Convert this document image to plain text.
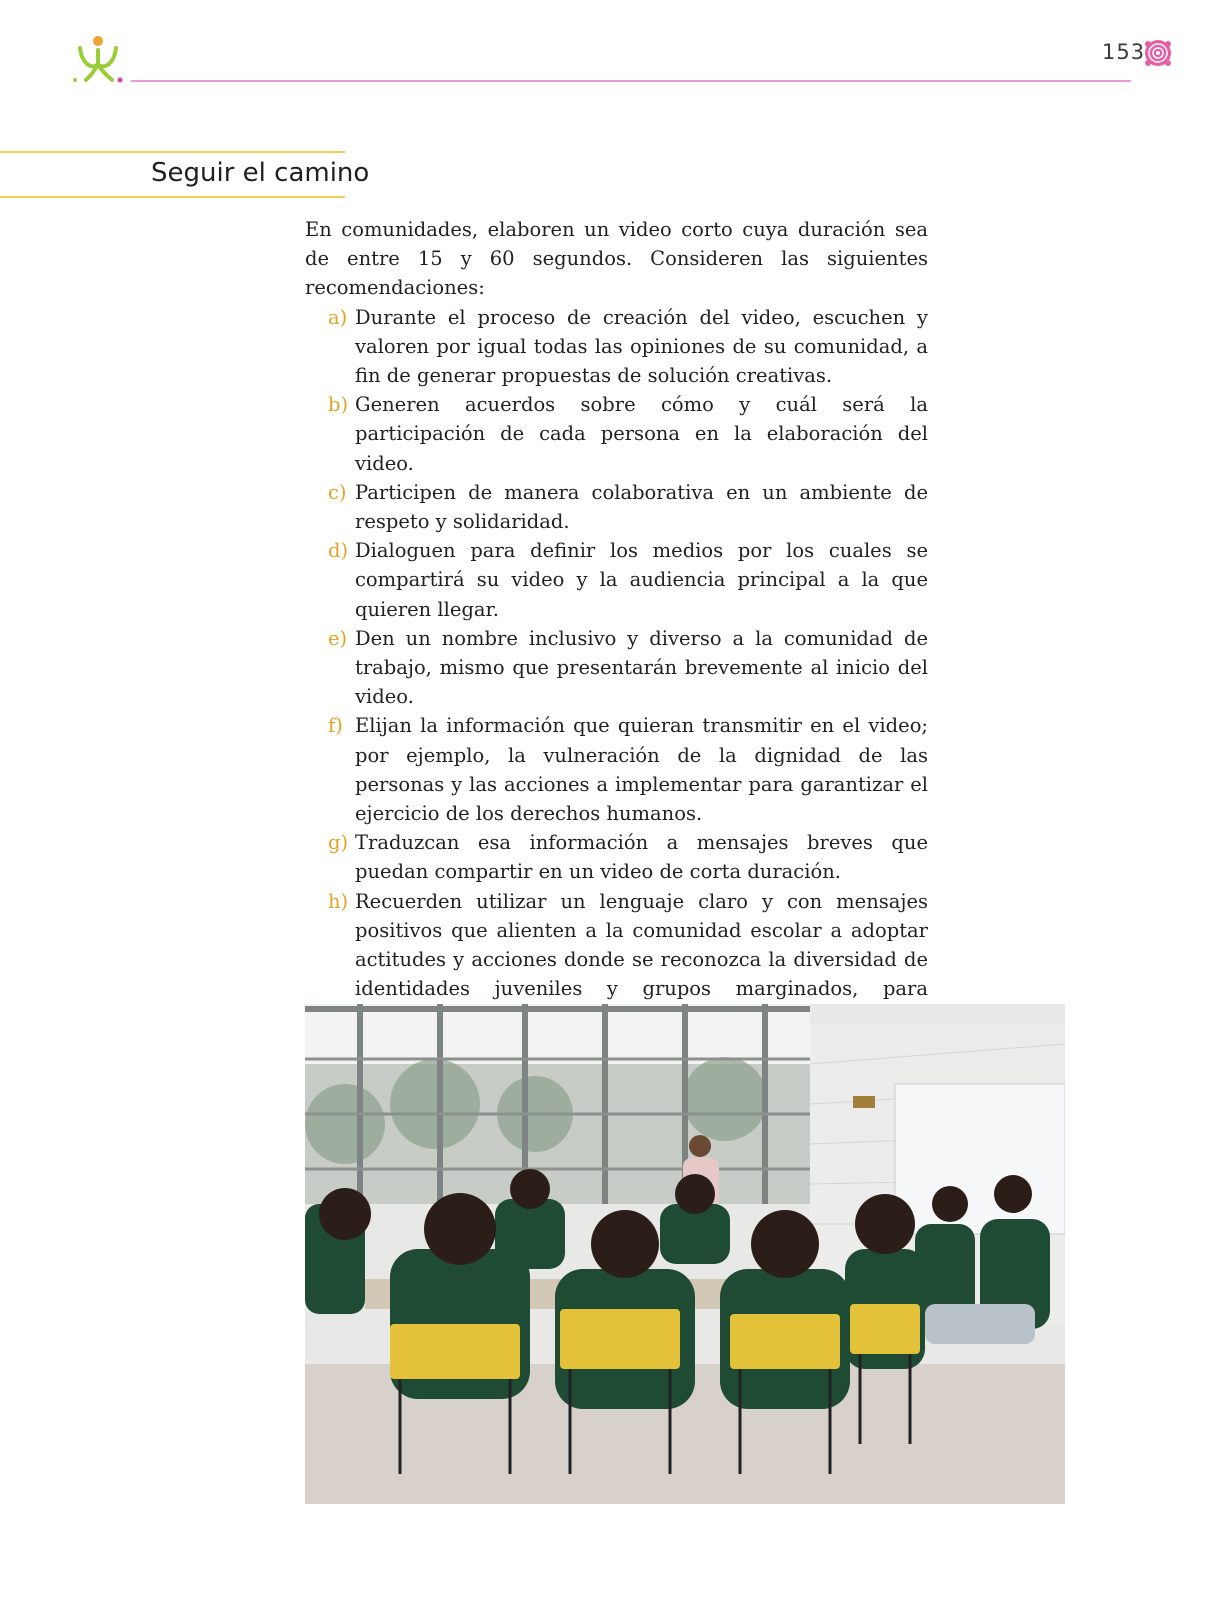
153
Seguir el camino

En comunidades, elaboren un video corto cuya duración sea de entre 15 y 60 segundos. Consideren las siguientes recomendaciones:

a) Durante el proceso de creación del video, escuchen y valoren por igual todas las opiniones de su comunidad, a fin de generar propuestas de solución creativas.
b) Generen acuerdos sobre cómo y cuál será la participación de cada persona en la elaboración del video.
c) Participen de manera colaborativa en un ambiente de respeto y solidaridad.
d) Dialoguen para definir los medios por los cuales se compartirá su video y la audiencia principal a la que quieren llegar.
e) Den un nombre inclusivo y diverso a la comunidad de trabajo, mismo que presentarán brevemente al inicio del video.
f) Elijan la información que quieran transmitir en el video; por ejemplo, la vulneración de la dignidad de las personas y las acciones a implementar para garantizar el ejercicio de los derechos humanos.
g) Traduzcan esa información a mensajes breves que puedan compartir en un video de corta duración.
h) Recuerden utilizar un lenguaje claro y con mensajes positivos que alienten a la comunidad escolar a adoptar actitudes y acciones donde se reconozca la diversidad de identidades juveniles y grupos marginados, para
